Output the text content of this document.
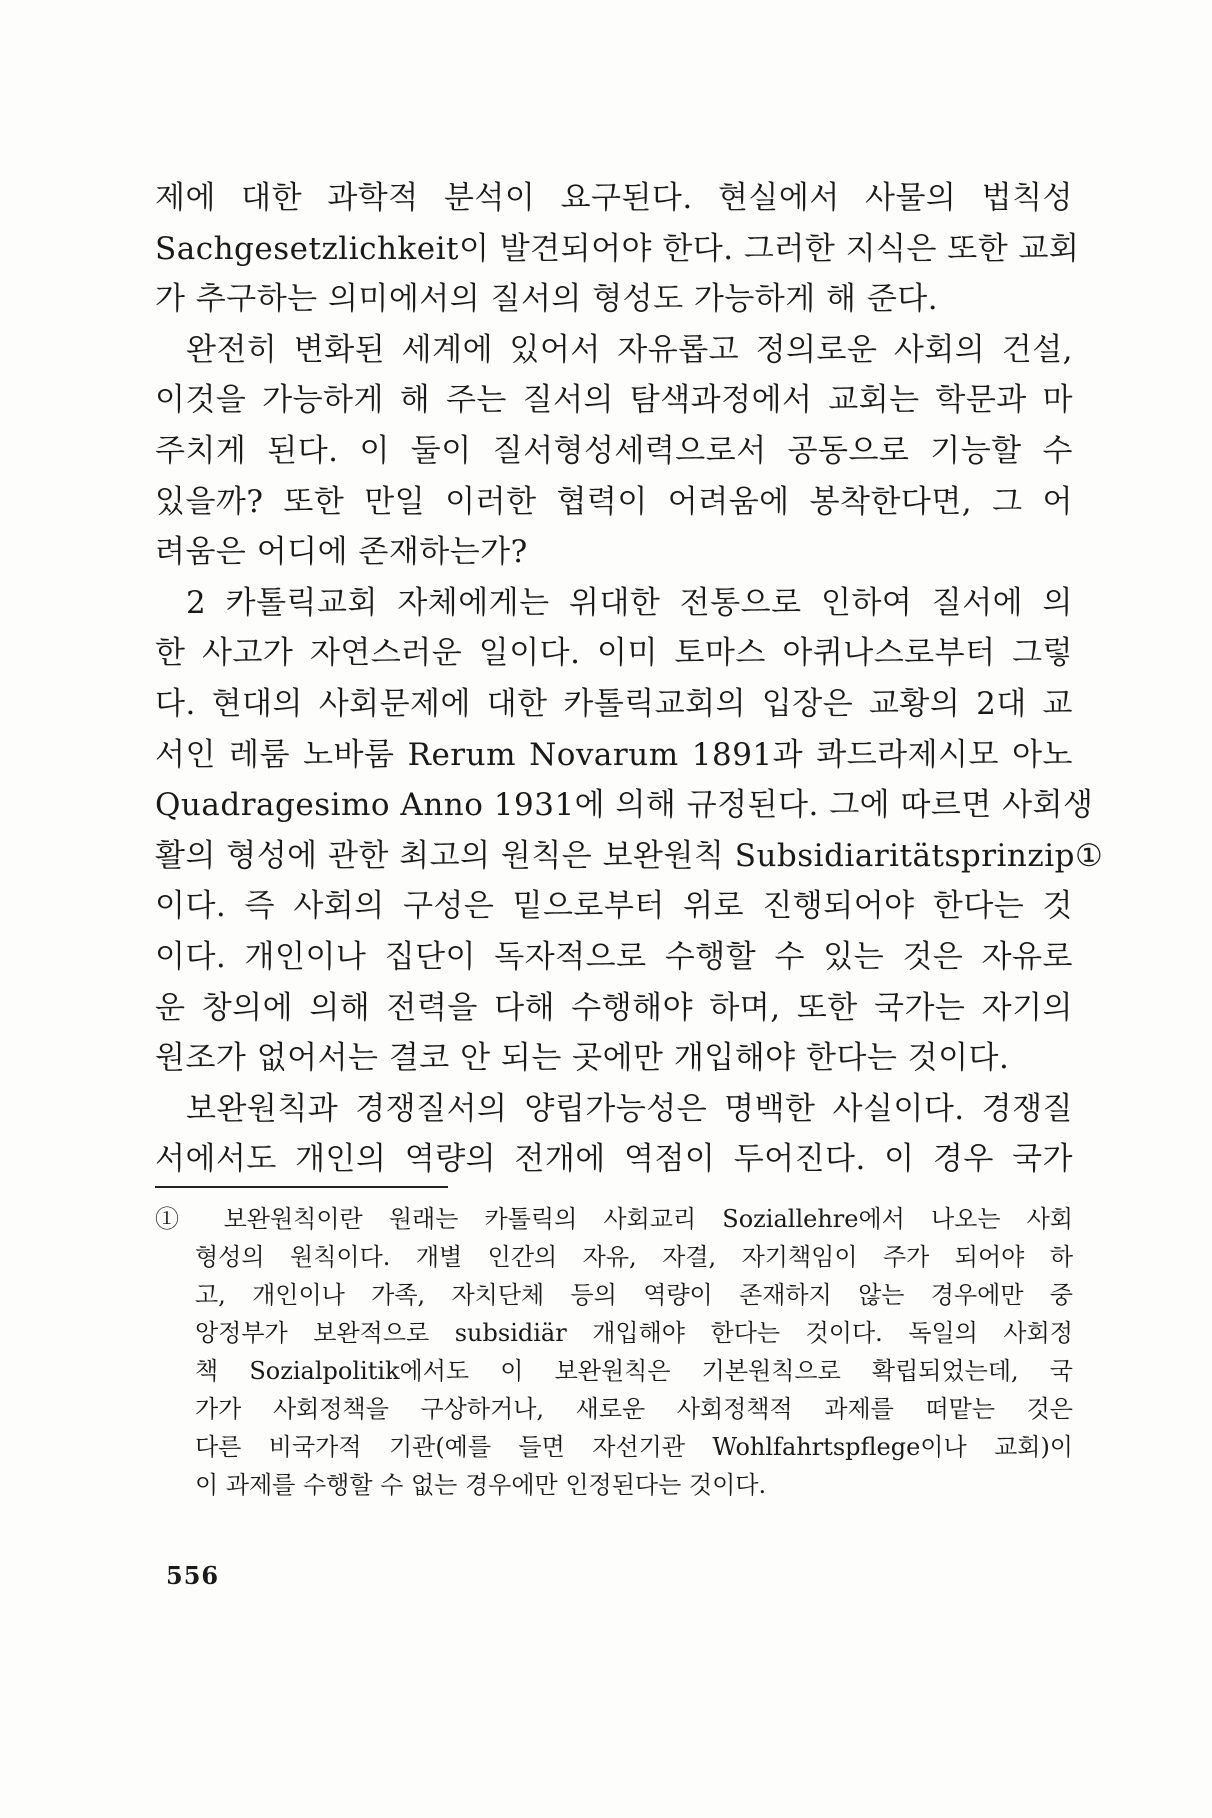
제에 대한 과학적 분석이 요구된다. 현실에서 사물의 법칙성
Sachgesetzlichkeit이 발견되어야 한다. 그러한 지식은 또한 교회
가 추구하는 의미에서의 질서의 형성도 가능하게 해 준다.
완전히 변화된 세계에 있어서 자유롭고 정의로운 사회의 건설,
이것을 가능하게 해 주는 질서의 탐색과정에서 교회는 학문과 마
주치게 된다. 이 둘이 질서형성세력으로서 공동으로 기능할 수
있을까? 또한 만일 이러한 협력이 어려움에 봉착한다면, 그 어
려움은 어디에 존재하는가?
2 카톨릭교회 자체에게는 위대한 전통으로 인하여 질서에 의
한 사고가 자연스러운 일이다. 이미 토마스 아퀴나스로부터 그렇
다. 현대의 사회문제에 대한 카톨릭교회의 입장은 교황의 2대 교
서인 레룸 노바룸 Rerum Novarum 1891과 콰드라제시모 아노
Quadragesimo Anno 1931에 의해 규정된다. 그에 따르면 사회생
활의 형성에 관한 최고의 원칙은 보완원칙 Subsidiaritätsprinzip①
이다. 즉 사회의 구성은 밑으로부터 위로 진행되어야 한다는 것
이다. 개인이나 집단이 독자적으로 수행할 수 있는 것은 자유로
운 창의에 의해 전력을 다해 수행해야 하며, 또한 국가는 자기의
원조가 없어서는 결코 안 되는 곳에만 개입해야 한다는 것이다.
보완원칙과 경쟁질서의 양립가능성은 명백한 사실이다. 경쟁질
서에서도 개인의 역량의 전개에 역점이 두어진다. 이 경우 국가
① 보완원칙이란 원래는 카톨릭의 사회교리 Soziallehre에서 나오는 사회
형성의 원칙이다. 개별 인간의 자유, 자결, 자기책임이 주가 되어야 하
고, 개인이나 가족, 자치단체 등의 역량이 존재하지 않는 경우에만 중
앙정부가 보완적으로 subsidiär 개입해야 한다는 것이다. 독일의 사회정
책 Sozialpolitik에서도 이 보완원칙은 기본원칙으로 확립되었는데, 국
가가 사회정책을 구상하거나, 새로운 사회정책적 과제를 떠맡는 것은
다른 비국가적 기관(예를 들면 자선기관 Wohlfahrtspflege이나 교회)이
이 과제를 수행할 수 없는 경우에만 인정된다는 것이다.
556
